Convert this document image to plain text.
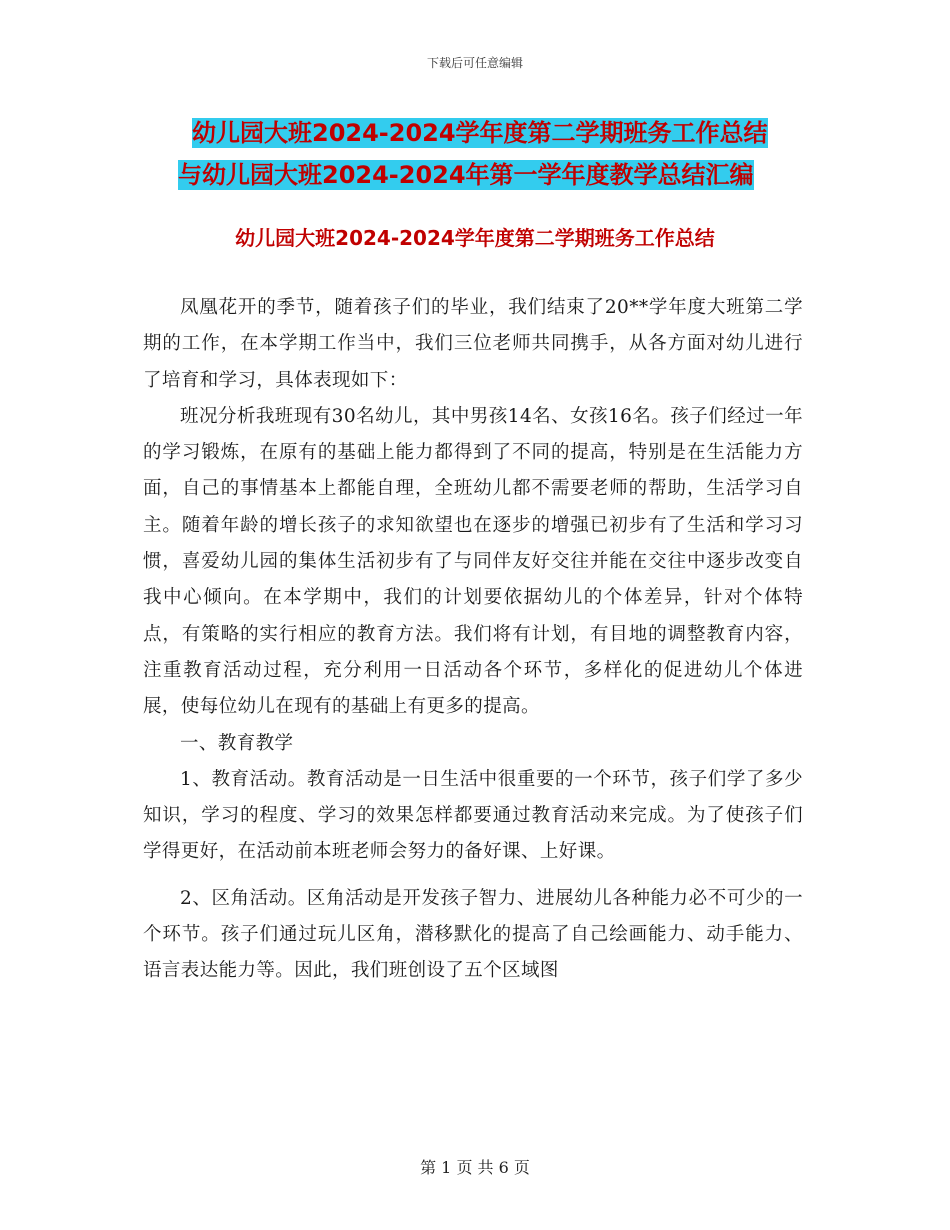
下载后可任意编辑
幼儿园大班2024-2024学年度第二学期班务工作总结
与幼儿园大班2024-2024年第一学年度教学总结汇编
幼儿园大班2024-2024学年度第二学期班务工作总结

凤凰花开的季节，随着孩子们的毕业，我们结束了20**学年度大班第二学期的工作，在本学期工作当中，我们三位老师共同携手，从各方面对幼儿进行了培育和学习，具体表现如下：

班况分析我班现有30名幼儿，其中男孩14名、女孩16名。孩子们经过一年的学习锻炼，在原有的基础上能力都得到了不同的提高，特别是在生活能力方面，自己的事情基本上都能自理，全班幼儿都不需要老师的帮助，生活学习自主。随着年龄的增长孩子的求知欲望也在逐步的增强已初步有了生活和学习习惯，喜爱幼儿园的集体生活初步有了与同伴友好交往并能在交往中逐步改变自我中心倾向。在本学期中，我们的计划要依据幼儿的个体差异，针对个体特点，有策略的实行相应的教育方法。我们将有计划，有目地的调整教育内容，注重教育活动过程，充分利用一日活动各个环节，多样化的促进幼儿个体进展，使每位幼儿在现有的基础上有更多的提高。

一、教育教学

1、教育活动。教育活动是一日生活中很重要的一个环节，孩子们学了多少知识，学习的程度、学习的效果怎样都要通过教育活动来完成。为了使孩子们学得更好，在活动前本班老师会努力的备好课、上好课。

2、区角活动。区角活动是开发孩子智力、进展幼儿各种能力必不可少的一个环节。孩子们通过玩儿区角，潜移默化的提高了自己绘画能力、动手能力、语言表达能力等。因此，我们班创设了五个区域图

第 1 页 共 6 页
